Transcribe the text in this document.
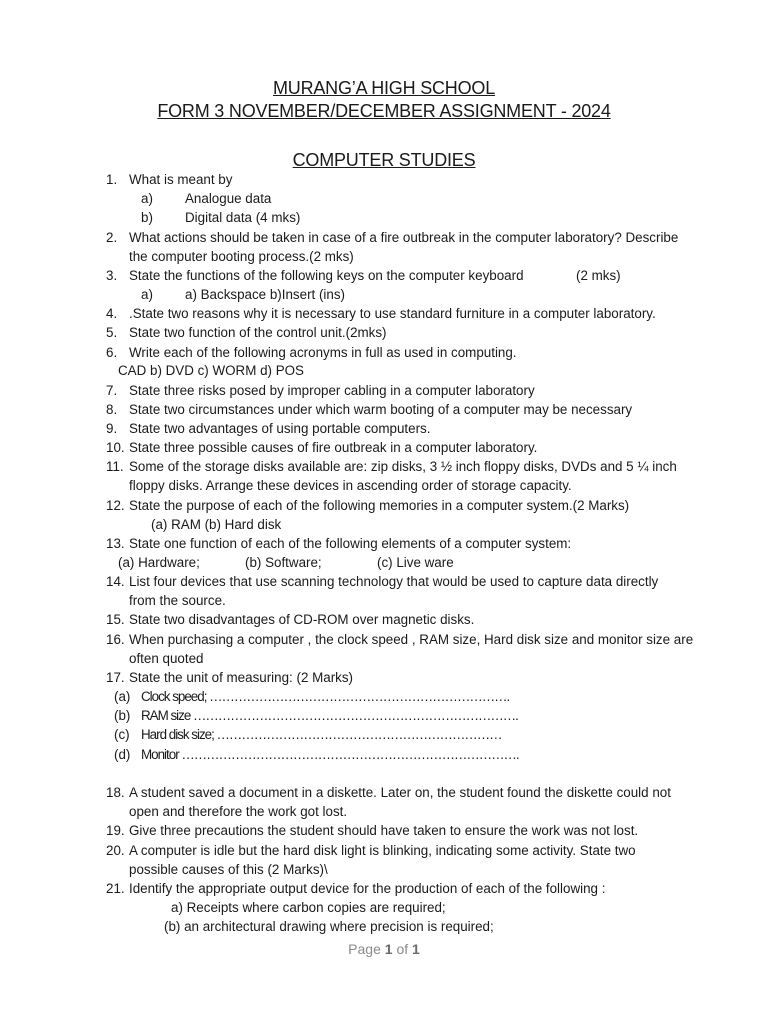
MURANG’A HIGH SCHOOL
FORM 3 NOVEMBER/DECEMBER ASSIGNMENT - 2024
COMPUTER STUDIES
1. What is meant by
a) Analogue data
b) Digital data (4 mks)
2. What actions should be taken in case of a fire outbreak in the computer laboratory? Describe
the computer booting process.(2 mks)
3. State the functions of the following keys on the computer keyboard	(2 mks)
a) a) Backspace b)Insert (ins)
4. .State two reasons why it is necessary to use standard furniture in a computer laboratory.
5. State two function of the control unit.(2mks)
6. Write each of the following acronyms in full as used in computing.
CAD b) DVD c) WORM d) POS
7. State three risks posed by improper cabling in a computer laboratory
8. State two circumstances under which warm booting of a computer may be necessary
9. State two advantages of using portable computers.
10. State three possible causes of fire outbreak in a computer laboratory.
11. Some of the storage disks available are: zip disks, 3 ½ inch floppy disks, DVDs and 5 ¼ inch
floppy disks. Arrange these devices in ascending order of storage capacity.
12. State the purpose of each of the following memories in a computer system.(2 Marks)
(a) RAM (b) Hard disk
13. State one function of each of the following elements of a computer system:
(a) Hardware;	(b) Software;	(c) Live ware
14. List four devices that use scanning technology that would be used to capture data directly
from the source.
15. State two disadvantages of CD-ROM over magnetic disks.
16. When purchasing a computer , the clock speed , RAM size, Hard disk size and monitor size are
often quoted
17. State the unit of measuring: (2 Marks)
(a) Clock speed; ……………………………………………………………….
(b) RAM size …………………………………………………………………….
(c) Hard disk size; ……………………………………………………………
(d) Monitor ……………………………………………………………………….
18. A student saved a document in a diskette. Later on, the student found the diskette could not
open and therefore the work got lost.
19. Give three precautions the student should have taken to ensure the work was not lost.
20. A computer is idle but the hard disk light is blinking, indicating some activity. State two
possible causes of this (2 Marks)\
21. Identify the appropriate output device for the production of each of the following :
a) Receipts where carbon copies are required;
(b) an architectural drawing where precision is required;
Page 1 of 1
